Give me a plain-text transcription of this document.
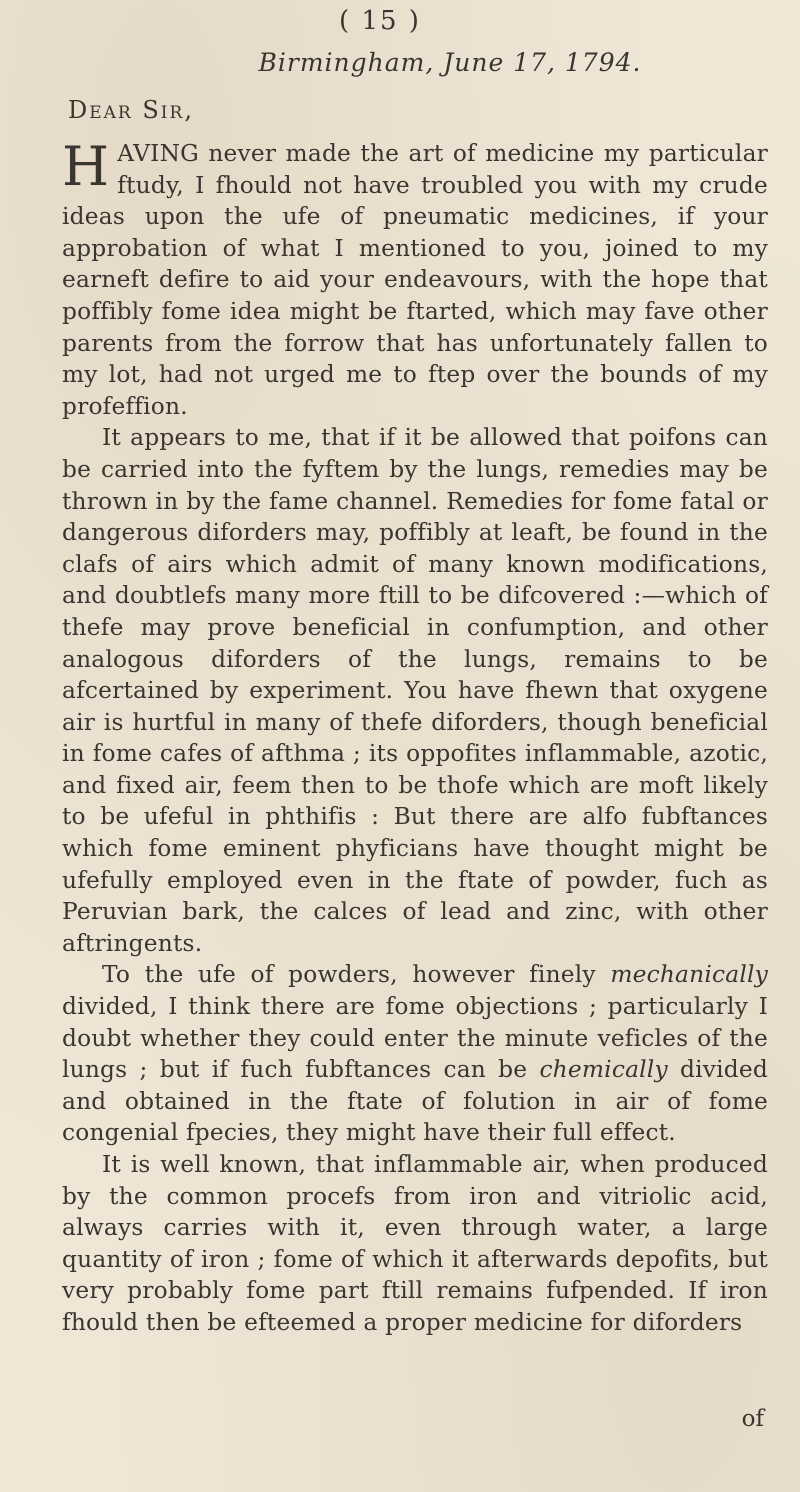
( 15 )
Birmingham, June 17, 1794.
Dear Sir,

HAVING never made the art of medicine my particular ftudy, I fhould not have troubled you with my crude ideas upon the ufe of pneumatic medicines, if your approbation of what I mentioned to you, joined to my earneft defire to aid your endeavours, with the hope that poffibly fome idea might be ftarted, which may fave other parents from the forrow that has unfortunately fallen to my lot, had not urged me to ftep over the bounds of my profeffion.

It appears to me, that if it be allowed that poifons can be carried into the fyftem by the lungs, remedies may be thrown in by the fame channel. Remedies for fome fatal or dangerous diforders may, poffibly at leaft, be found in the clafs of airs which admit of many known modifications, and doubtlefs many more ftill to be difcovered :—which of thefe may prove beneficial in confumption, and other analogous diforders of the lungs, remains to be afcertained by experiment. You have fhewn that oxygene air is hurtful in many of thefe diforders, though beneficial in fome cafes of afthma ; its oppofites inflammable, azotic, and fixed air, feem then to be thofe which are moft likely to be ufeful in phthifis : But there are alfo fubftances which fome eminent phyficians have thought might be ufefully employed even in the ftate of powder, fuch as Peruvian bark, the calces of lead and zinc, with other aftringents.

To the ufe of powders, however finely mechanically divided, I think there are fome objections ; particularly I doubt whether they could enter the minute veficles of the lungs ; but if fuch fubftances can be chemically divided and obtained in the ftate of folution in air of fome congenial fpecies, they might have their full effect.

It is well known, that inflammable air, when produced by the common procefs from iron and vitriolic acid, always carries with it, even through water, a large quantity of iron ; fome of which it afterwards depofits, but very probably fome part ftill remains fufpended. If iron fhould then be efteemed a proper medicine for diforders

of
